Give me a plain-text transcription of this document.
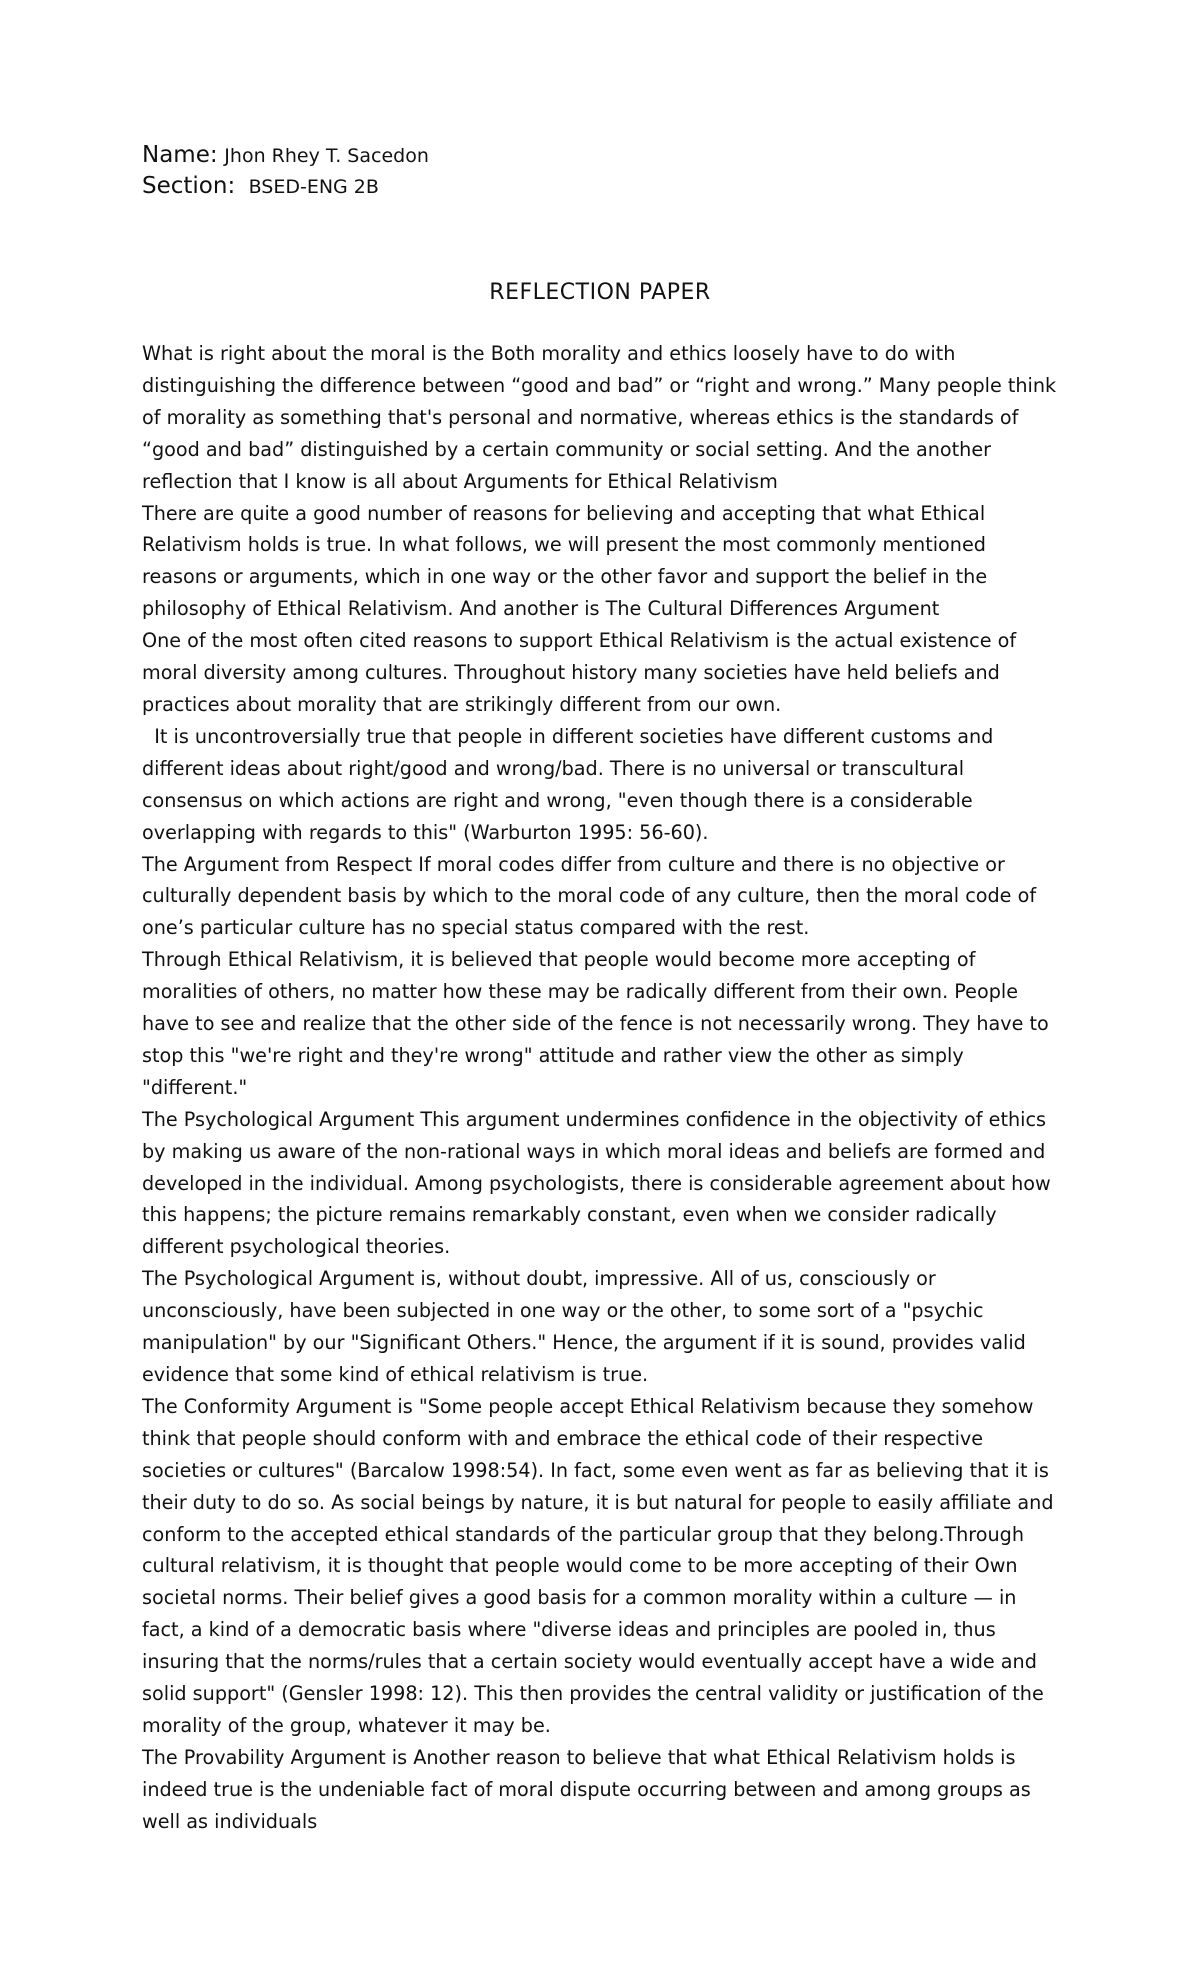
Name: Jhon Rhey T. Sacedon
Section: BSED-ENG 2B
REFLECTION PAPER

What is right about the moral is the Both morality and ethics loosely have to do with distinguishing the difference between “good and bad” or “right and wrong.” Many people think of morality as something that's personal and normative, whereas ethics is the standards of “good and bad” distinguished by a certain community or social setting. And the another reflection that I know is all about Arguments for Ethical Relativism

There are quite a good number of reasons for believing and accepting that what Ethical Relativism holds is true. In what follows, we will present the most commonly mentioned reasons or arguments, which in one way or the other favor and support the belief in the philosophy of Ethical Relativism. And another is The Cultural Differences Argument

One of the most often cited reasons to support Ethical Relativism is the actual existence of moral diversity among cultures. Throughout history many societies have held beliefs and practices about morality that are strikingly different from our own.

It is uncontroversially true that people in different societies have different customs and different ideas about right/good and wrong/bad. There is no universal or transcultural consensus on which actions are right and wrong, "even though there is a considerable overlapping with regards to this" (Warburton 1995: 56-60).

The Argument from Respect If moral codes differ from culture and there is no objective or culturally dependent basis by which to the moral code of any culture, then the moral code of one’s particular culture has no special status compared with the rest.

Through Ethical Relativism, it is believed that people would become more accepting of moralities of others, no matter how these may be radically different from their own. People have to see and realize that the other side of the fence is not necessarily wrong. They have to stop this "we're right and they're wrong" attitude and rather view the other as simply "different."

The Psychological Argument This argument undermines confidence in the objectivity of ethics by making us aware of the non-rational ways in which moral ideas and beliefs are formed and developed in the individual. Among psychologists, there is considerable agreement about how this happens; the picture remains remarkably constant, even when we consider radically different psychological theories.

The Psychological Argument is, without doubt, impressive. All of us, consciously or unconsciously, have been subjected in one way or the other, to some sort of a "psychic manipulation" by our "Significant Others." Hence, the argument if it is sound, provides valid evidence that some kind of ethical relativism is true.

The Conformity Argument is "Some people accept Ethical Relativism because they somehow think that people should conform with and embrace the ethical code of their respective societies or cultures" (Barcalow 1998:54). In fact, some even went as far as believing that it is their duty to do so. As social beings by nature, it is but natural for people to easily affiliate and conform to the accepted ethical standards of the particular group that they belong.Through cultural relativism, it is thought that people would come to be more accepting of their Own societal norms. Their belief gives a good basis for a common morality within a culture — in fact, a kind of a democratic basis where "diverse ideas and principles are pooled in, thus insuring that the norms/rules that a certain society would eventually accept have a wide and solid support" (Gensler 1998: 12). This then provides the central validity or justification of the morality of the group, whatever it may be.

The Provability Argument is Another reason to believe that what Ethical Relativism holds is indeed true is the undeniable fact of moral dispute occurring between and among groups as well as individuals
